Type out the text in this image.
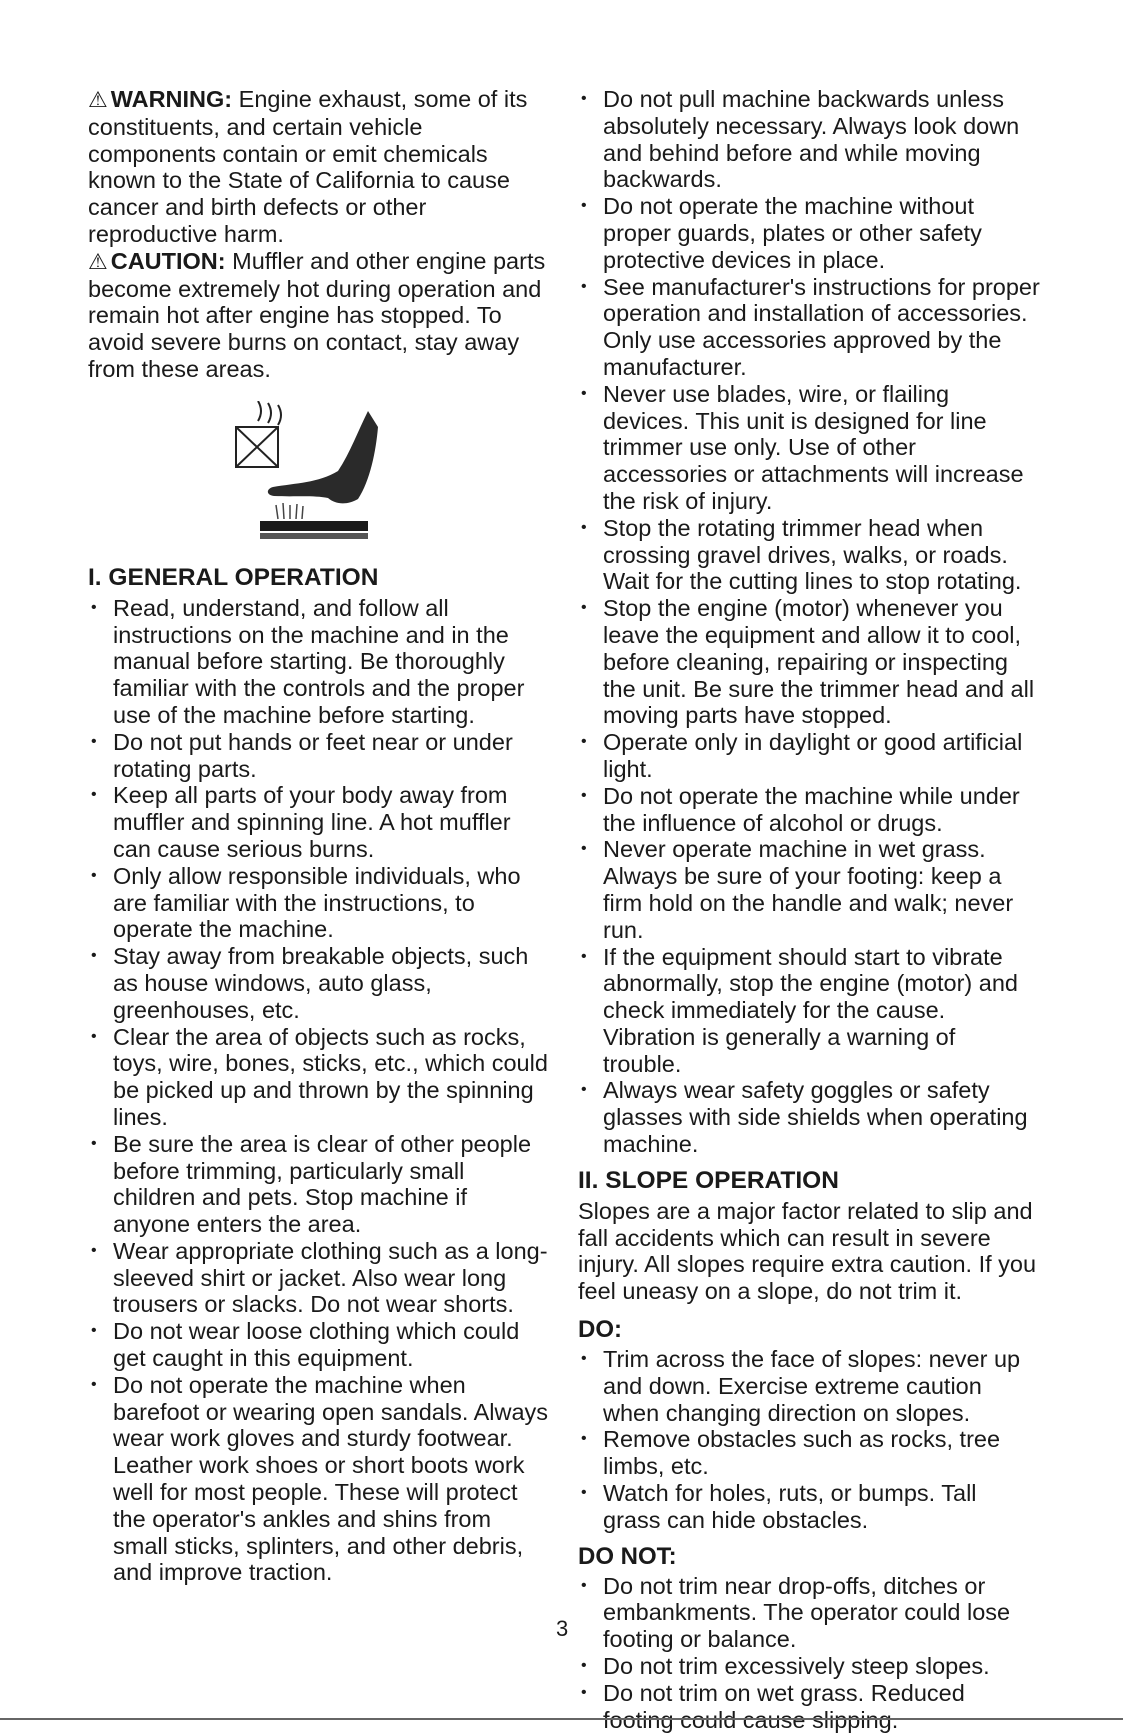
⚠ WARNING: Engine exhaust, some of its constituents, and certain vehicle components contain or emit chemicals known to the State of California to cause cancer and birth defects or other reproductive harm.

⚠ CAUTION: Muffler and other engine parts become extremely hot during operation and remain hot after engine has stopped. To avoid severe burns on contact, stay away from these areas.

I. GENERAL OPERATION
• Read, understand, and follow all instructions on the machine and in the manual before starting. Be thoroughly familiar with the controls and the proper use of the machine before starting.
• Do not put hands or feet near or under rotating parts.
• Keep all parts of your body away from muffler and spinning line. A hot muffler can cause serious burns.
• Only allow responsible individuals, who are familiar with the instructions, to operate the machine.
• Stay away from breakable objects, such as house windows, auto glass, greenhouses, etc.
• Clear the area of objects such as rocks, toys, wire, bones, sticks, etc., which could be picked up and thrown by the spinning lines.
• Be sure the area is clear of other people before trimming, particularly small children and pets. Stop machine if anyone enters the area.
• Wear appropriate clothing such as a long-sleeved shirt or jacket. Also wear long trousers or slacks. Do not wear shorts.
• Do not wear loose clothing which could get caught in this equipment.
• Do not operate the machine when barefoot or wearing open sandals. Always wear work gloves and sturdy footwear. Leather work shoes or short boots work well for most people. These will protect the operator's ankles and shins from small sticks, splinters, and other debris, and improve traction.
• Do not pull machine backwards unless absolutely necessary. Always look down and behind before and while moving backwards.
• Do not operate the machine without proper guards, plates or other safety protective devices in place.
• See manufacturer's instructions for proper operation and installation of accessories. Only use accessories approved by the manufacturer.
• Never use blades, wire, or flailing devices. This unit is designed for line trimmer use only. Use of other accessories or attachments will increase the risk of injury.
• Stop the rotating trimmer head when crossing gravel drives, walks, or roads. Wait for the cutting lines to stop rotating.
• Stop the engine (motor) whenever you leave the equipment and allow it to cool, before cleaning, repairing or inspecting the unit. Be sure the trimmer head and all moving parts have stopped.
• Operate only in daylight or good artificial light.
• Do not operate the machine while under the influence of alcohol or drugs.
• Never operate machine in wet grass. Always be sure of your footing: keep a firm hold on the handle and walk; never run.
• If the equipment should start to vibrate abnormally, stop the engine (motor) and check immediately for the cause. Vibration is generally a warning of trouble.
• Always wear safety goggles or safety glasses with side shields when operating machine.
II. SLOPE OPERATION

Slopes are a major factor related to slip and fall accidents which can result in severe injury. All slopes require extra caution. If you feel uneasy on a slope, do not trim it.

DO:
• Trim across the face of slopes: never up and down. Exercise extreme caution when changing direction on slopes.
• Remove obstacles such as rocks, tree limbs, etc.
• Watch for holes, ruts, or bumps. Tall grass can hide obstacles.
DO NOT:
• Do not trim near drop-offs, ditches or embankments. The operator could lose footing or balance.
• Do not trim excessively steep slopes.
• Do not trim on wet grass. Reduced footing could cause slipping.
3
